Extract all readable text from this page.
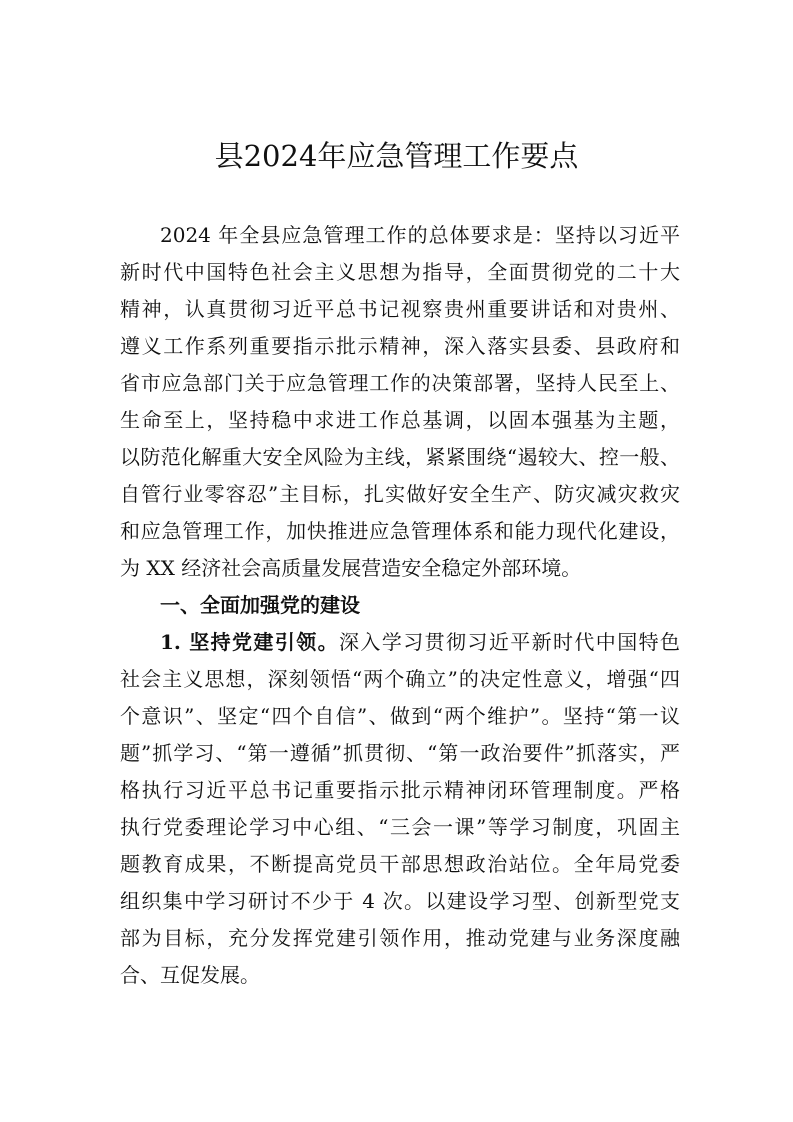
县2024年应急管理工作要点
2024 年全县应急管理工作的总体要求是：坚持以习近平
新时代中国特色社会主义思想为指导，全面贯彻党的二十大
精神，认真贯彻习近平总书记视察贵州重要讲话和对贵州、
遵义工作系列重要指示批示精神，深入落实县委、县政府和
省市应急部门关于应急管理工作的决策部署，坚持人民至上、
生命至上，坚持稳中求进工作总基调，以固本强基为主题，
以防范化解重大安全风险为主线，紧紧围绕“遏较大、控一般、
自管行业零容忍”主目标，扎实做好安全生产、防灾减灾救灾
和应急管理工作，加快推进应急管理体系和能力现代化建设，
为 XX 经济社会高质量发展营造安全稳定外部环境。
一、全面加强党的建设
1. 坚持党建引领。深入学习贯彻习近平新时代中国特色
社会主义思想，深刻领悟“两个确立”的决定性意义，增强“四
个意识”、坚定“四个自信”、做到“两个维护”。坚持“第一议
题”抓学习、“第一遵循”抓贯彻、“第一政治要件”抓落实，严
格执行习近平总书记重要指示批示精神闭环管理制度。严格
执行党委理论学习中心组、“三会一课”等学习制度，巩固主
题教育成果，不断提高党员干部思想政治站位。全年局党委
组织集中学习研讨不少于 4 次。以建设学习型、创新型党支
部为目标，充分发挥党建引领作用，推动党建与业务深度融
合、互促发展。
